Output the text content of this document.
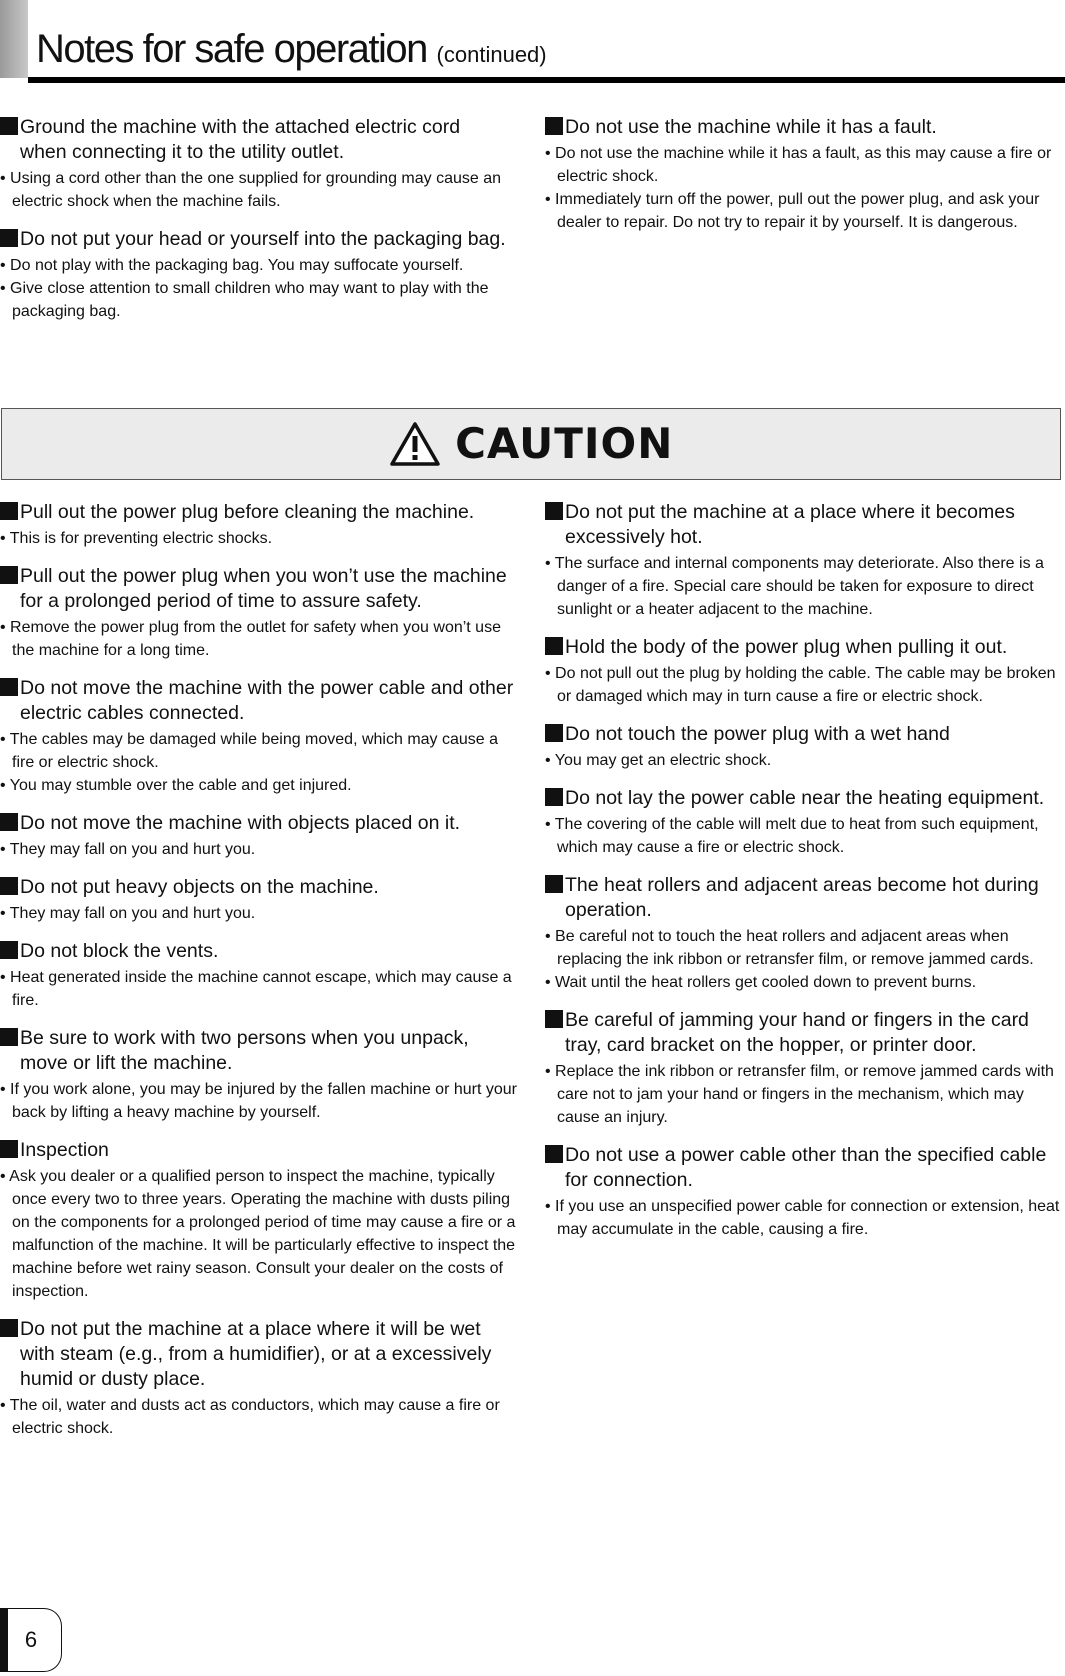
Notes for safe operation (continued)
Ground the machine with the attached electric cord when connecting it to the utility outlet.
• Using a cord other than the one supplied for grounding may cause an electric shock when the machine fails.
Do not put your head or yourself into the packaging bag.
• Do not play with the packaging bag. You may suffocate yourself.
• Give close attention to small children who may want to play with the packaging bag.
Do not use the machine while it has a fault.
• Do not use the machine while it has a fault, as this may cause a fire or electric shock.
• Immediately turn off the power, pull out the power plug, and ask your dealer to repair. Do not try to repair it by yourself. It is dangerous.
CAUTION
Pull out the power plug before cleaning the machine.
• This is for preventing electric shocks.
Pull out the power plug when you won’t use the machine for a prolonged period of time to assure safety.
• Remove the power plug from the outlet for safety when you won’t use the machine for a long time.
Do not move the machine with the power cable and other electric cables connected.
• The cables may be damaged while being moved, which may cause a fire or electric shock.
• You may stumble over the cable and get injured.
Do not move the machine with objects placed on it.
• They may fall on you and hurt you.
Do not put heavy objects on the machine.
• They may fall on you and hurt you.
Do not block the vents.
• Heat generated inside the machine cannot escape, which may cause a fire.
Be sure to work with two persons when you unpack, move or lift the machine.
• If you work alone, you may be injured by the fallen machine or hurt your back by lifting a heavy machine by yourself.
Inspection
• Ask you dealer or a qualified person to inspect the machine, typically once every two to three years. Operating the machine with dusts piling on the components for a prolonged period of time may cause a fire or a malfunction of the machine. It will be particularly effective to inspect the machine before wet rainy season. Consult your dealer on the costs of inspection.
Do not put the machine at a place where it will be wet with steam (e.g., from a humidifier), or at a excessively humid or dusty place.
• The oil, water and dusts act as conductors, which may cause a fire or electric shock.
Do not put the machine at a place where it becomes excessively hot.
• The surface and internal components may deteriorate. Also there is a danger of a fire. Special care should be taken for exposure to direct sunlight or a heater adjacent to the machine.
Hold the body of the power plug when pulling it out.
• Do not pull out the plug by holding the cable. The cable may be broken or damaged which may in turn cause a fire or electric shock.
Do not touch the power plug with a wet hand
• You may get an electric shock.
Do not lay the power cable near the heating equipment.
• The covering of the cable will melt due to heat from such equipment, which may cause a fire or electric shock.
The heat rollers and adjacent areas become hot during operation.
• Be careful not to touch the heat rollers and adjacent areas when replacing the ink ribbon or retransfer film, or remove jammed cards.
• Wait until the heat rollers get cooled down to prevent burns.
Be careful of jamming your hand or fingers in the card tray, card bracket on the hopper, or printer door.
• Replace the ink ribbon or retransfer film, or remove jammed cards with care not to jam your hand or fingers in the mechanism, which may cause an injury.
Do not use a power cable other than the specified cable for connection.
• If you use an unspecified power cable for connection or extension, heat may accumulate in the cable, causing a fire.
6
